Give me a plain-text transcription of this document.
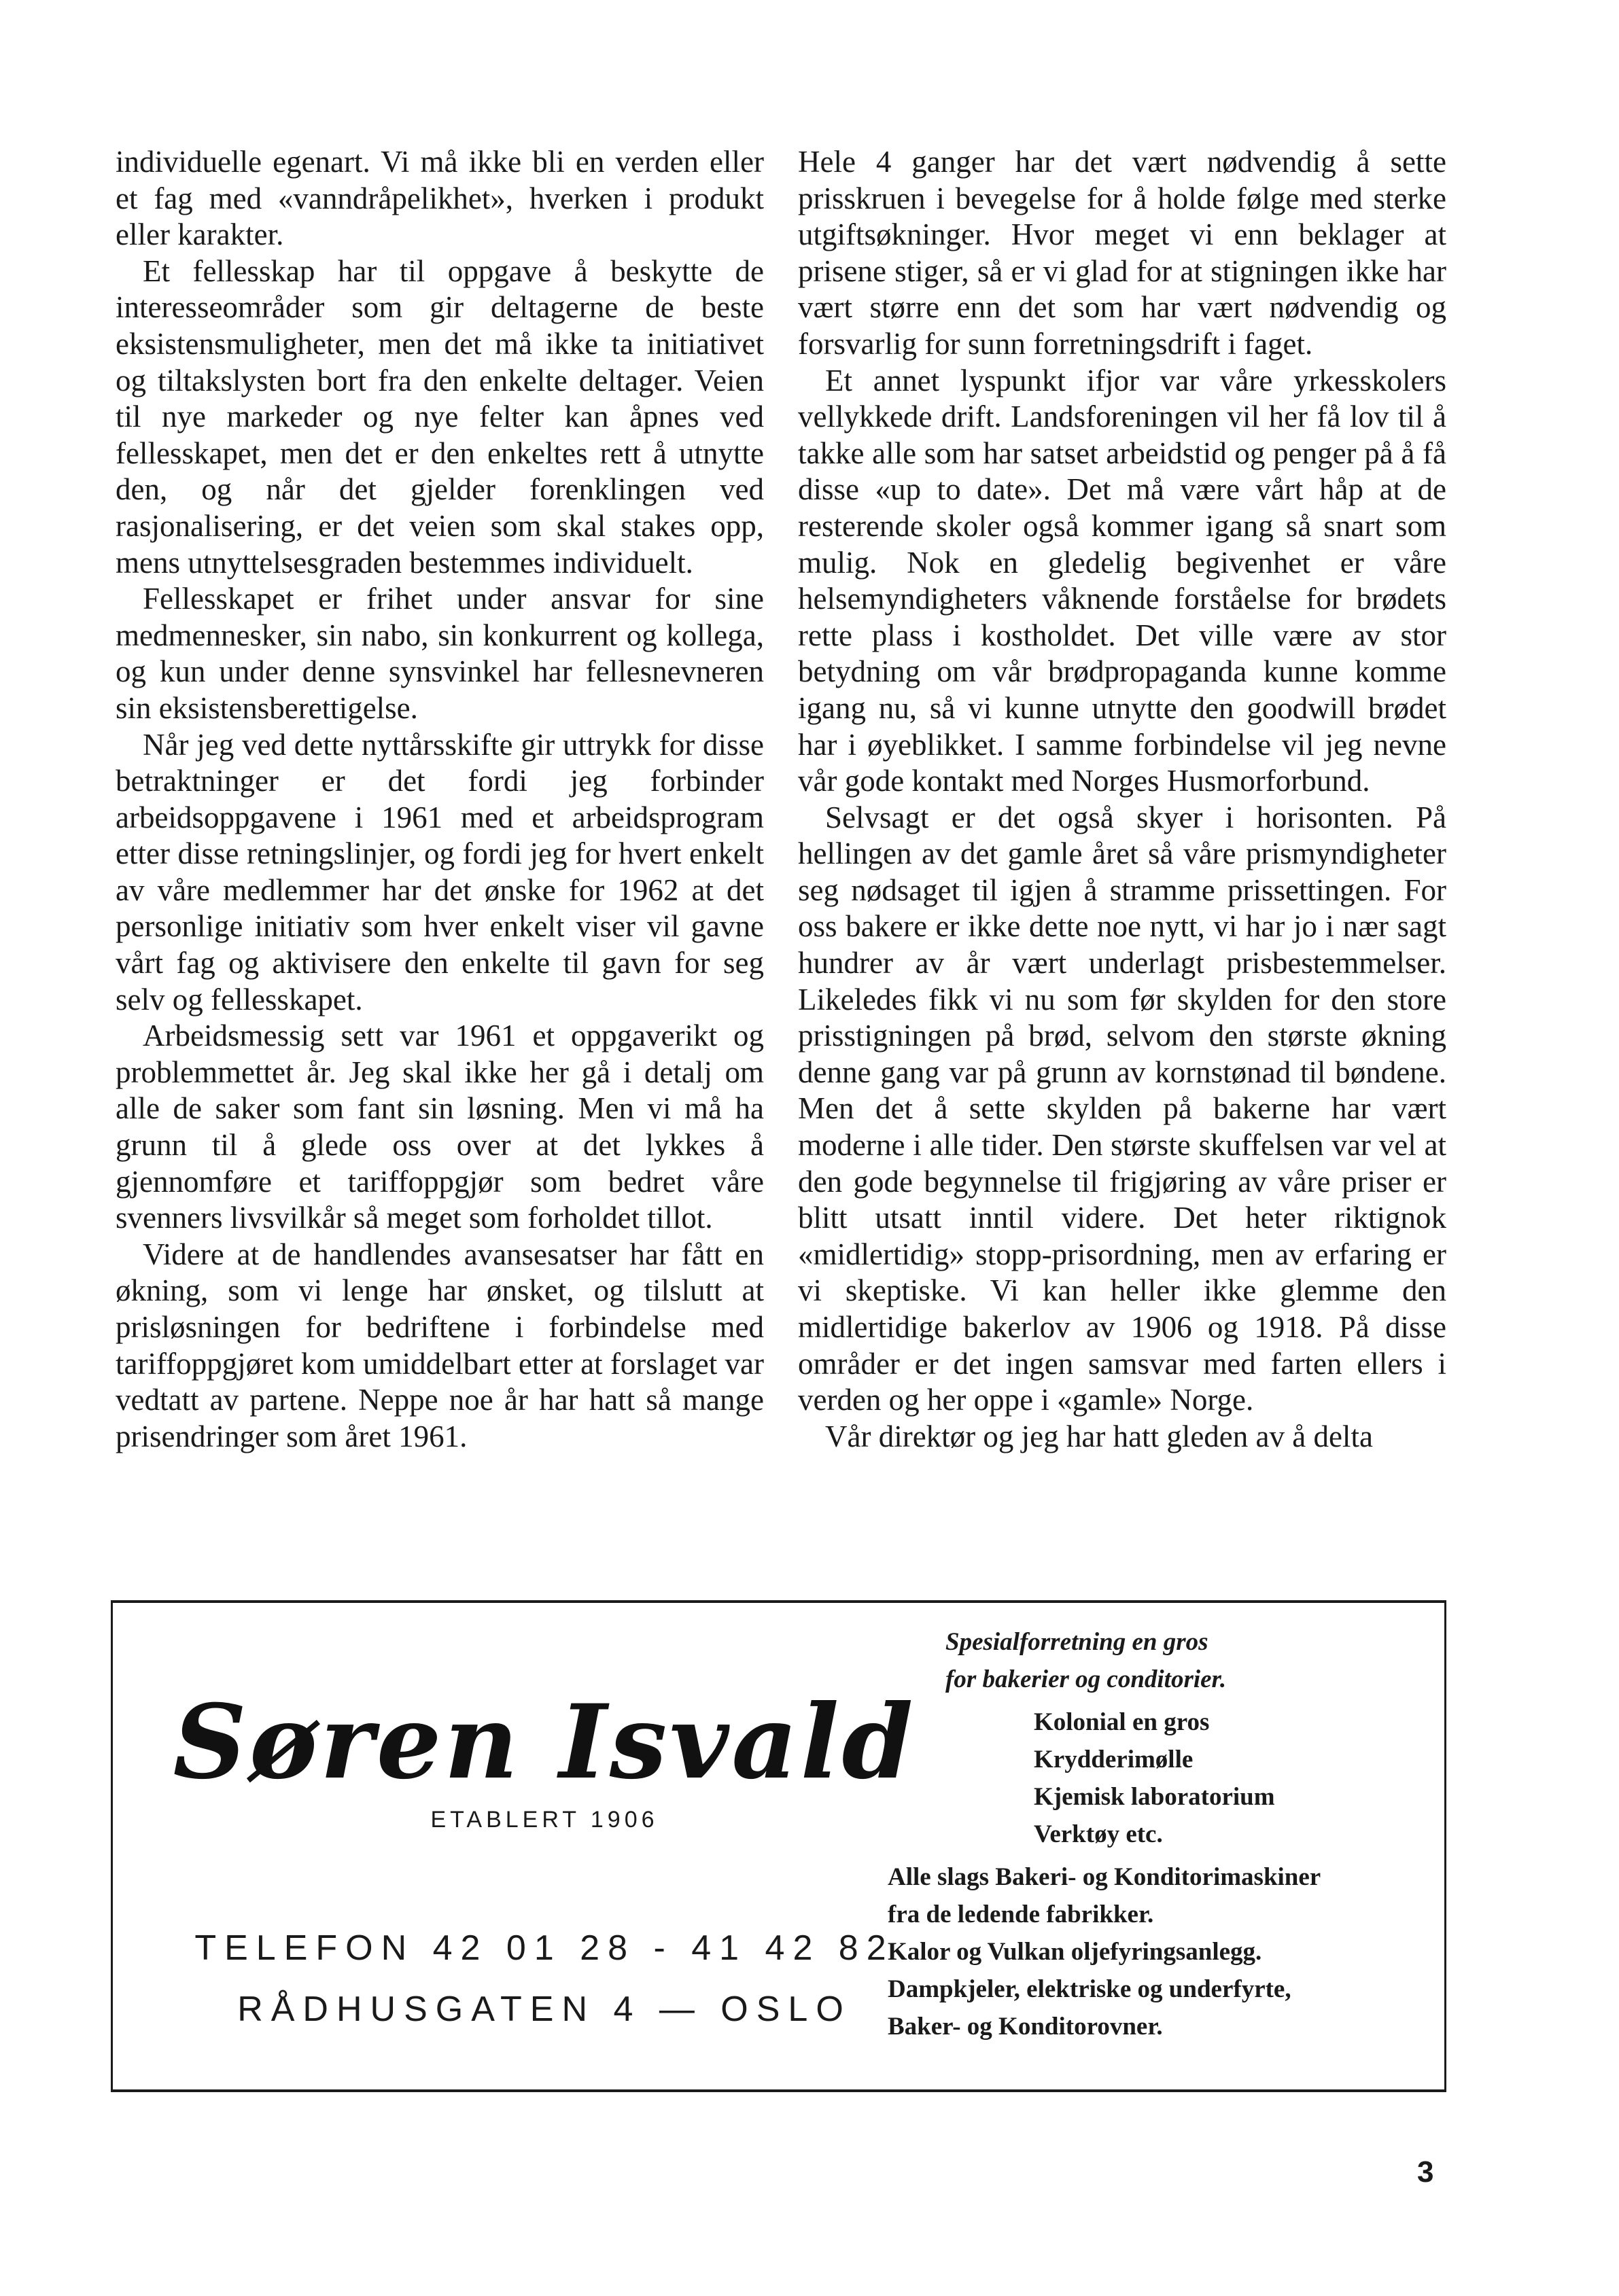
individuelle egenart. Vi må ikke bli en verden eller et fag med «vanndråpelikhet», hverken i produkt eller karakter.

Et fellesskap har til oppgave å beskytte de interesseområder som gir deltagerne de beste eksistensmuligheter, men det må ikke ta initiativet og tiltakslysten bort fra den enkelte deltager. Veien til nye markeder og nye felter kan åpnes ved fellesskapet, men det er den enkeltes rett å utnytte den, og når det gjelder forenklingen ved rasjonalisering, er det veien som skal stakes opp, mens utnyttelsesgraden bestemmes individuelt.

Fellesskapet er frihet under ansvar for sine medmennesker, sin nabo, sin konkurrent og kollega, og kun under denne synsvinkel har fellesnevneren sin eksistensberettigelse.

Når jeg ved dette nyttårsskifte gir uttrykk for disse betraktninger er det fordi jeg forbinder arbeidsoppgavene i 1961 med et arbeidsprogram etter disse retningslinjer, og fordi jeg for hvert enkelt av våre medlemmer har det ønske for 1962 at det personlige initiativ som hver enkelt viser vil gavne vårt fag og aktivisere den enkelte til gavn for seg selv og fellesskapet.

Arbeidsmessig sett var 1961 et oppgaverikt og problemmettet år. Jeg skal ikke her gå i detalj om alle de saker som fant sin løsning. Men vi må ha grunn til å glede oss over at det lykkes å gjennomføre et tariffoppgjør som bedret våre svenners livsvilkår så meget som forholdet tillot.

Videre at de handlendes avansesatser har fått en økning, som vi lenge har ønsket, og tilslutt at prisløsningen for bedriftene i forbindelse med tariffoppgjøret kom umiddelbart etter at forslaget var vedtatt av partene. Neppe noe år har hatt så mange prisendringer som året 1961.

Hele 4 ganger har det vært nødvendig å sette prisskruen i bevegelse for å holde følge med sterke utgiftsøkninger. Hvor meget vi enn beklager at prisene stiger, så er vi glad for at stigningen ikke har vært større enn det som har vært nødvendig og forsvarlig for sunn forretningsdrift i faget.

Et annet lyspunkt ifjor var våre yrkesskolers vellykkede drift. Landsforeningen vil her få lov til å takke alle som har satset arbeidstid og penger på å få disse «up to date». Det må være vårt håp at de resterende skoler også kommer igang så snart som mulig. Nok en gledelig begivenhet er våre helsemyndigheters våknende forståelse for brødets rette plass i kostholdet. Det ville være av stor betydning om vår brødpropaganda kunne komme igang nu, så vi kunne utnytte den goodwill brødet har i øyeblikket. I samme forbindelse vil jeg nevne vår gode kontakt med Norges Husmorforbund.

Selvsagt er det også skyer i horisonten. På hellingen av det gamle året så våre prismyndigheter seg nødsaget til igjen å stramme prissettingen. For oss bakere er ikke dette noe nytt, vi har jo i nær sagt hundrer av år vært underlagt prisbestemmelser. Likeledes fikk vi nu som før skylden for den store prisstigningen på brød, selvom den største økning denne gang var på grunn av kornstønad til bøndene. Men det å sette skylden på bakerne har vært moderne i alle tider. Den største skuffelsen var vel at den gode begynnelse til frigjøring av våre priser er blitt utsatt inntil videre. Det heter riktignok «midlertidig» stopp-prisordning, men av erfaring er vi skeptiske. Vi kan heller ikke glemme den midlertidige bakerlov av 1906 og 1918. På disse områder er det ingen samsvar med farten ellers i verden og her oppe i «gamle» Norge.

Vår direktør og jeg har hatt gleden av å delta

Søren Isvald
ETABLERT 1906
TELEFON 42 01 28 - 41 42 82
RÅDHUSGATEN 4 — OSLO
Spesialforretning en gros
for bakerier og conditorier.
Kolonial en gros
Krydderimølle
Kjemisk laboratorium
Verktøy etc.
Alle slags Bakeri- og Konditorimaskiner
fra de ledende fabrikker.
Kalor og Vulkan oljefyringsanlegg.
Dampkjeler, elektriske og underfyrte,
Baker- og Konditorovner.
3
